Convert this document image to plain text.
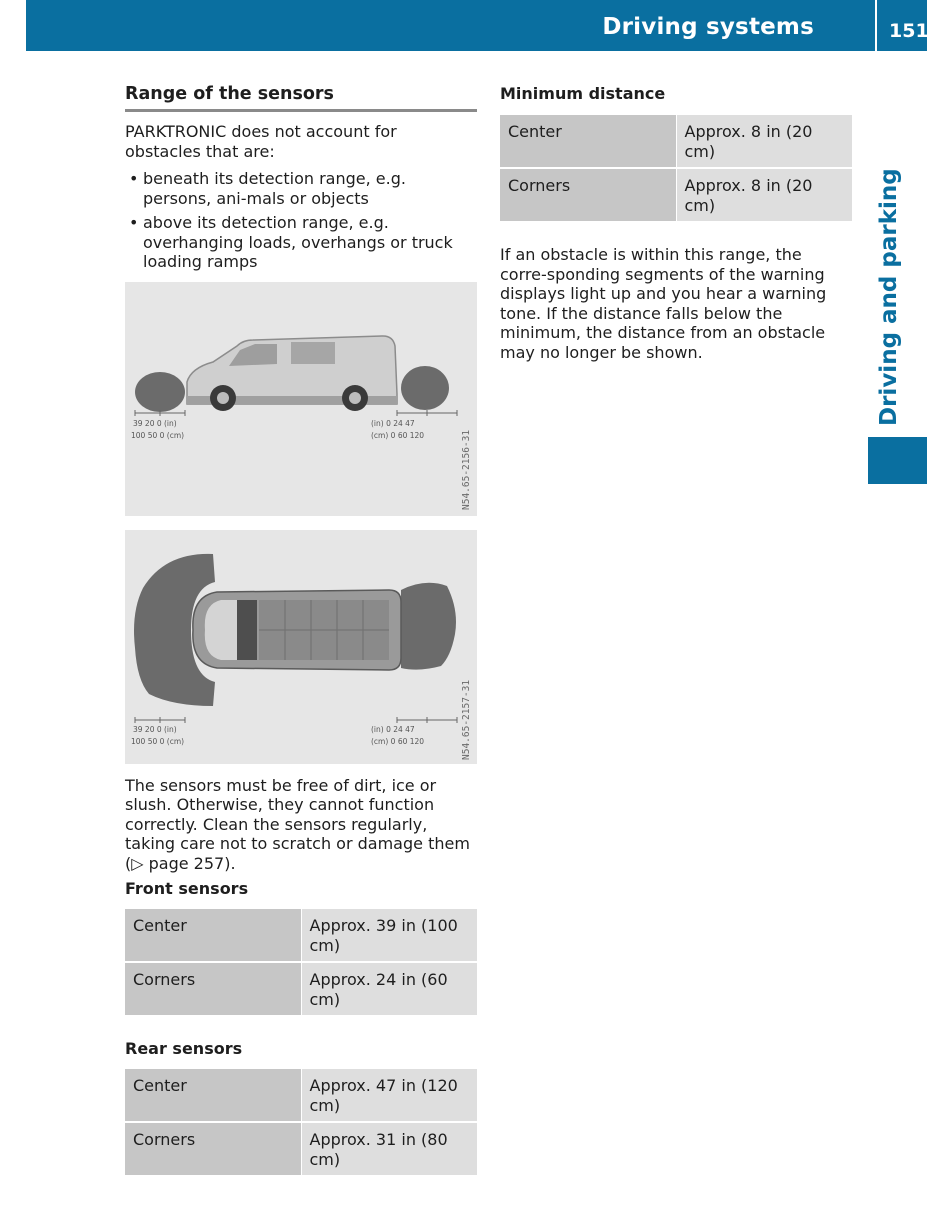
Driving systems	151
Driving and parking
Range of the sensors

PARKTRONIC does not account for obstacles that are:

• beneath its detection range, e.g. persons, ani-mals or objects
• above its detection range, e.g. overhanging loads, overhangs or truck loading ramps
39 20 0 (in)
100 50 0 (cm)
(in) 0 24 47
(cm) 0 60 120	N54.65-2156-31
39 20 0 (in)
100 50 0 (cm)
(in) 0 24 47
(cm) 0 60 120	N54.65-2157-31

The sensors must be free of dirt, ice or slush. Otherwise, they cannot function correctly. Clean the sensors regularly, taking care not to scratch or damage them (▷ page 257).

Front sensors
Center	Approx. 39 in (100 cm)
Corners	Approx. 24 in (60 cm)
Rear sensors
Center	Approx. 47 in (120 cm)
Corners	Approx. 31 in (80 cm)
Minimum distance
Center	Approx. 8 in (20 cm)
Corners	Approx. 8 in (20 cm)

If an obstacle is within this range, the corre-sponding segments of the warning displays light up and you hear a warning tone. If the distance falls below the minimum, the distance from an obstacle may no longer be shown.
